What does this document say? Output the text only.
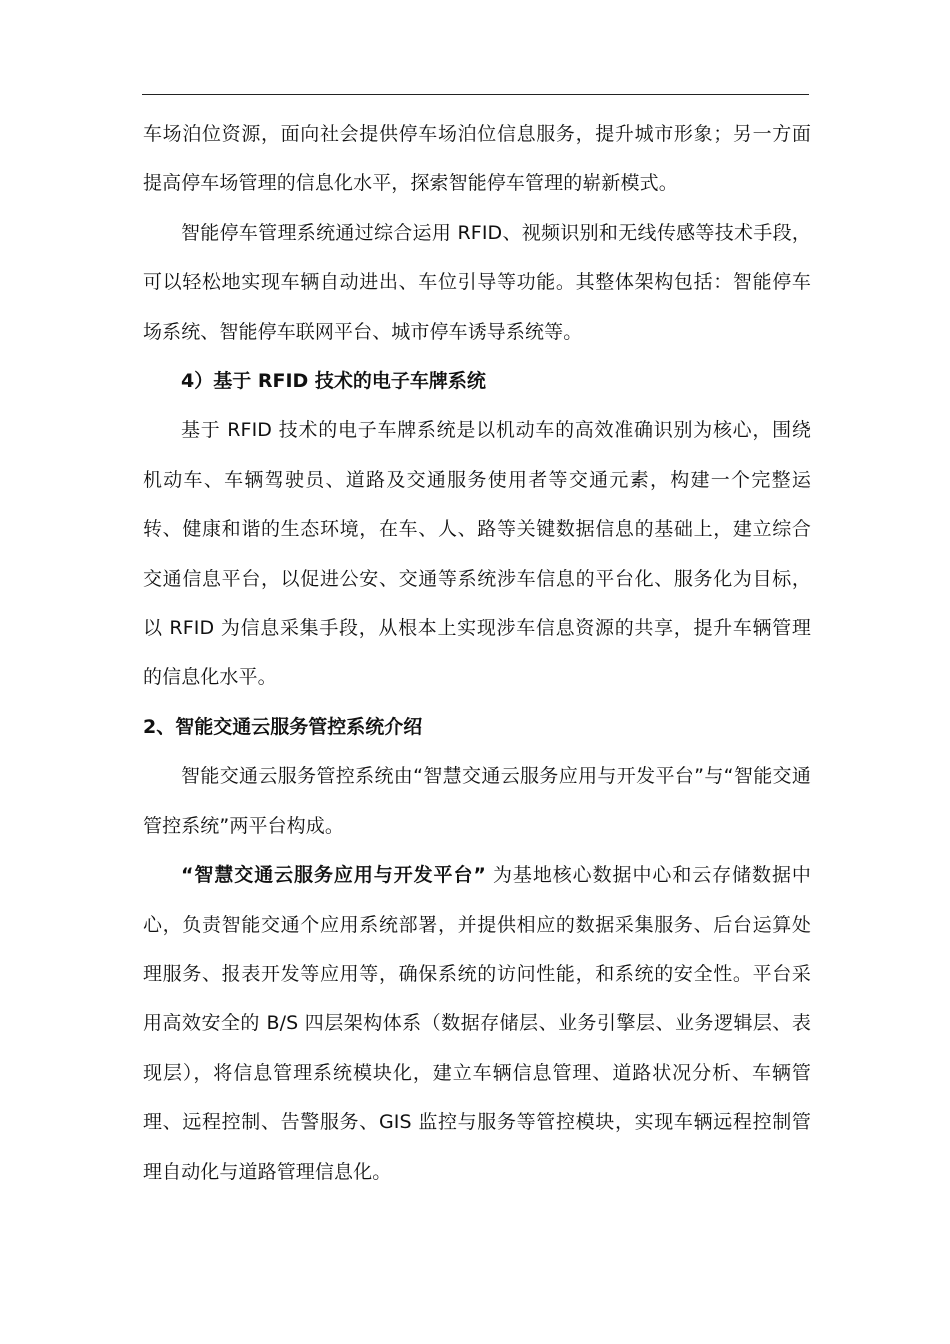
车场泊位资源，面向社会提供停车场泊位信息服务，提升城市形象；另一方面提高停车场管理的信息化水平，探索智能停车管理的崭新模式。

智能停车管理系统通过综合运用 RFID、视频识别和无线传感等技术手段，可以轻松地实现车辆自动进出、车位引导等功能。其整体架构包括：智能停车场系统、智能停车联网平台、城市停车诱导系统等。

4）基于 RFID 技术的电子车牌系统

基于 RFID 技术的电子车牌系统是以机动车的高效准确识别为核心，围绕机动车、车辆驾驶员、道路及交通服务使用者等交通元素，构建一个完整运转、健康和谐的生态环境，在车、人、路等关键数据信息的基础上，建立综合交通信息平台，以促进公安、交通等系统涉车信息的平台化、服务化为目标，以 RFID 为信息采集手段，从根本上实现涉车信息资源的共享，提升车辆管理的信息化水平。

2、智能交通云服务管控系统介绍

智能交通云服务管控系统由“智慧交通云服务应用与开发平台”与“智能交通管控系统”两平台构成。

“智慧交通云服务应用与开发平台” 为基地核心数据中心和云存储数据中心，负责智能交通个应用系统部署，并提供相应的数据采集服务、后台运算处理服务、报表开发等应用等，确保系统的访问性能，和系统的安全性。平台采用高效安全的 B/S 四层架构体系（数据存储层、业务引擎层、业务逻辑层、表现层），将信息管理系统模块化，建立车辆信息管理、道路状况分析、车辆管理、远程控制、告警服务、GIS 监控与服务等管控模块，实现车辆远程控制管理自动化与道路管理信息化。
